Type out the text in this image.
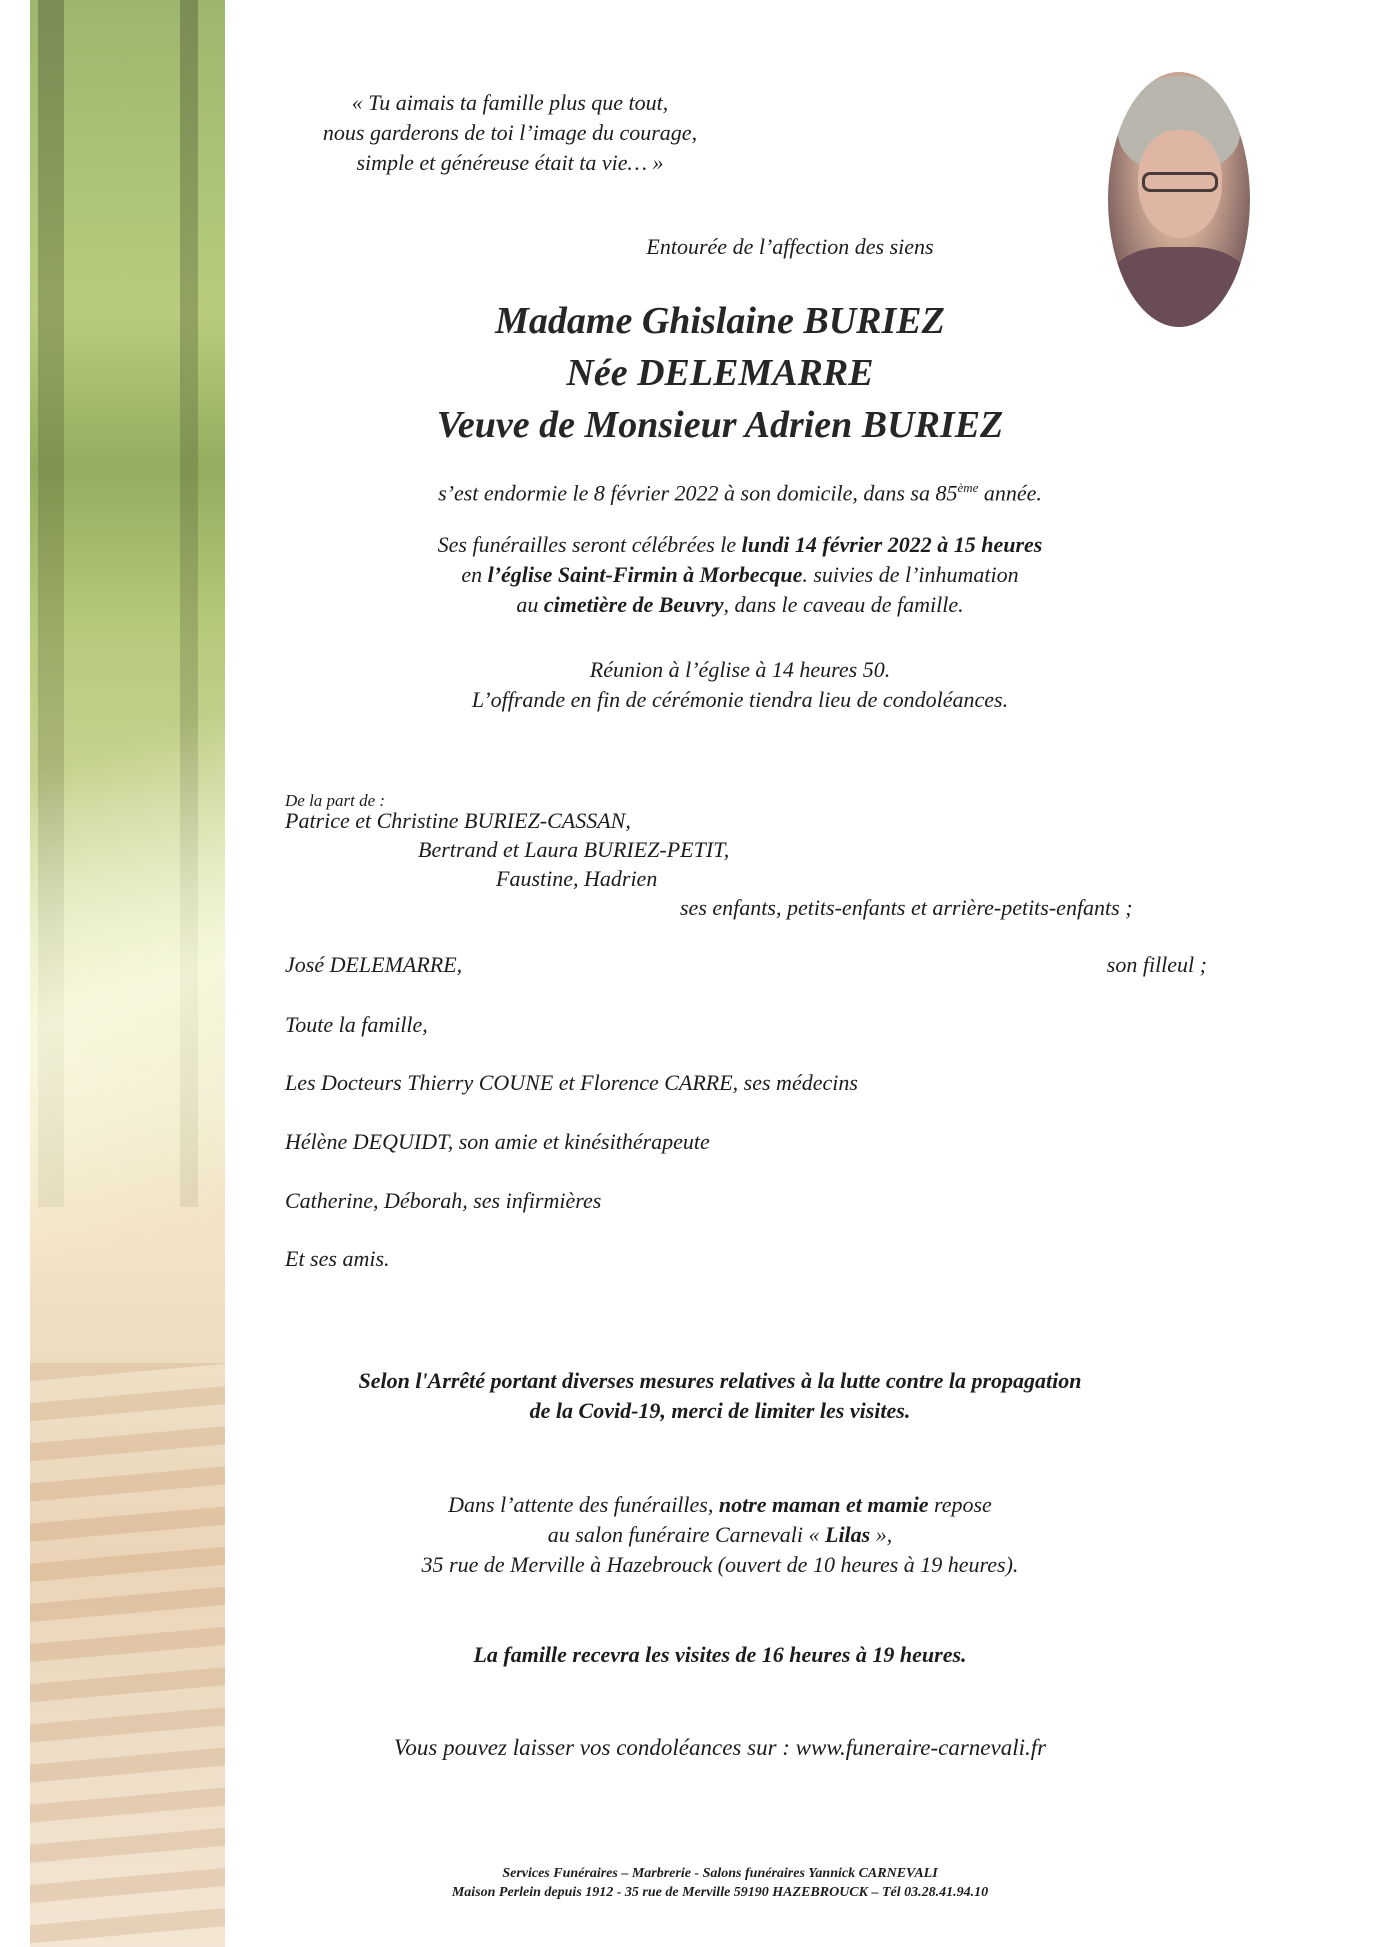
« Tu aimais ta famille plus que tout,
nous garderons de toi l’image du courage,
simple et généreuse était ta vie… »

Entourée de l’affection des siens

Madame Ghislaine BURIEZ
Née DELEMARRE
Veuve de Monsieur Adrien BURIEZ

s’est endormie le 8 février 2022 à son domicile, dans sa 85ème année.

Ses funérailles seront célébrées le lundi 14 février 2022 à 15 heures
en l’église Saint-Firmin à Morbecque. suivies de l’inhumation
au cimetière de Beuvry, dans le caveau de famille.
Réunion à l’église à 14 heures 50.
L’offrande en fin de cérémonie tiendra lieu de condoléances.

De la part de :

Patrice et Christine BURIEZ-CASSAN,

Bertrand et Laura BURIEZ-PETIT,

Faustine, Hadrien

ses enfants, petits-enfants et arrière-petits-enfants ;

José DELEMARRE,	son filleul ;

Toute la famille,

Les Docteurs Thierry COUNE et Florence CARRE, ses médecins

Hélène DEQUIDT, son amie et kinésithérapeute

Catherine, Déborah, ses infirmières

Et ses amis.

Selon l'Arrêté portant diverses mesures relatives à la lutte contre la propagation
de la Covid-19, merci de limiter les visites.
Dans l’attente des funérailles, notre maman et mamie repose
au salon funéraire Carnevali « Lilas »,
35 rue de Merville à Hazebrouck (ouvert de 10 heures à 19 heures).

La famille recevra les visites de 16 heures à 19 heures.

Vous pouvez laisser vos condoléances sur : www.funeraire-carnevali.fr

Services Funéraires – Marbrerie - Salons funéraires Yannick CARNEVALI
Maison Perlein depuis 1912 - 35 rue de Merville 59190 HAZEBROUCK – Tél 03.28.41.94.10
